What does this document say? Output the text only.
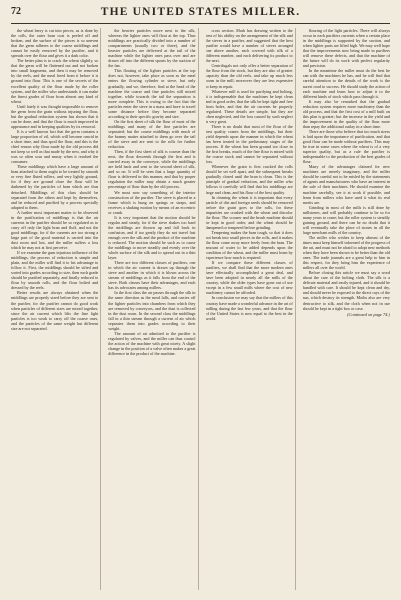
72	THE UNITED STATES MILLER.

the wheat berry is cut into pieces, as is done by the rolls, the outer bran coat is peeled off and broken, and the surface of the pieces is so uneven that the germ adheres to the coarse middlings and cannot be easily removed by the purifier, and it spreads over the flour and gives it a dark color.

The better plan is to crack the wheat slightly, so that the germ will be flattened out and not broken into small fragments, and then it may be removed by the reels, and the meal freed from it before it is ground into flour. This is one of the secrets of the excellent quality of the flour made by the roller system, and the miller who understands it can make the finest grades of flour from almost any kind of wheat.

Until lately it was thought impossible to remove the germ from the grain without injuring the flour, but the gradual reduction system has shown that it can be done, and that the flour is much improved in appearance and in keeping qualities by its removal.

It is a well known fact that the germ contains a large proportion of oil, which will become rancid in a short time, and thus spoil the flour, and this is the chief reason why flour made by the old process did not keep so well as that made by the new, and why it was so often sour and musty when it reached the consumer.

These middlings which have a large amount of bran attached to them ought to be treated by smooth or very fine fluted rollers, and very lightly ground, for if they are ground close the flour will be darkened by the particles of bran which are thus detached. Middlings of this class should be separated from the others and kept by themselves, and be reduced and purified by a process specially adapted to them.

A further most important matter to be observed in the purification of middlings is that the air currents in the purifier should be so regulated as to carry off only the light bran and fluff, and not the good middlings; for if the currents are too strong a large part of the good material is carried into the dust room and lost, and the miller suffers a loss which he may not at first perceive.

If we examine the gum injurious influence of the middlings, the process of reduction is simple and plain, and the miller will find it to his advantage to follow it. First, the middlings should be sifted and sorted into grades according to size, then each grade should be purified separately, and finally reduced to flour by smooth rolls, and the flour bolted and dressed by the reels.

Better results are always obtained when the middlings are properly sized before they are sent to the purifier, for the purifier cannot do good work when particles of different sizes are mixed together, since the air current which lifts the fine light particles is too weak to carry off the coarse ones, and the particles of the same weight but different size are not separated.

the heavier particles move next to the silk, whereas the lighter ones will float at the top. Thus middlings are practically divided into a number of compartments (usually two or three), and the heavier particles are delivered at the tail of the machine while the lighter ones pass over and are drawn off into the different spouts by the suction of the fan.

This floating of the lighter particles at the top does not, however, take place as soon as the meal enters the flowing cylinder or sieve, but only gradually, and we, therefore, find at the head of the machine the coarse and fine particles still mixed together, while towards the tail the separation is more complete. This is owing to the fact that the particles enter the sieve in a mass and have to travel some distance before they become separated according to their specific gravity and size.

On the first sheet of silk the flour of most of the middlings and many of the fine particles are separated; but the coarse middlings with much of the branny matter attached to them go over the tail of the sieve and are sent to the rolls for further reduction.

Then, if the first sheet of silk is coarser than the next, the flour descends through the first and is carried away in the conveyor, while the middlings are held back and sent to the second sheet of silk, and so on. It will be seen that a large quantity of flour is delivered in this manner, and that by proper regulation the miller may obtain a much greater percentage of flour than by the old process.

We must now say something of the interior construction of the purifier. The sieve is placed in a frame which is hung on springs or straps, and receives a shaking motion by means of an eccentric or crank.

It is very important that the motion should be regular and steady, for if the sieve shakes too hard the middlings are thrown up and fall back in confusion, and if too gently they do not travel fast enough over the silk and the product of the machine is reduced. The motion should be such as to cause the middlings to move steadily and evenly over the whole surface of the silk and to spread out in a thin layer.

There are two different classes of purifiers, one in which the air current is drawn up through the sieve and another in which it is blown across the stream of middlings as it falls from the end of the sieve. Both classes have their advantages, and each has its advocates among millers.

In the first class the air passes through the silk in the same direction as the meal falls, and carries off the lighter particles into chambers from which they are removed by conveyors, and the dust is collected in the dust room. In the second class the middlings fall in a thin stream through a current of air which separates them into grades according to their weight.

The amount of air admitted to the purifier is regulated by valves, and the miller can thus control the action of the machine with great nicety. A slight change in the position of a valve often makes a great difference in the product of the machine.

cross section. Mark has drawing written to the best of his ability on the arrangement of the silk and the sieves in a purifier, and suggested that the best purifier would have a number of sieves arranged one above another, each covered with silk of a different number, and each delivering its product to the next.

Centrifugals not only offer a better separation of the flour from the stock, but they are also of greater capacity than the old reels, and take up much less room in the mill; moreover they are less expensive to keep in repair.

Whatever mill is used for purifying and bolting, it is indispensable that the machines be kept clean and in good order, that the silk be kept tight and free from holes, and that the air currents be properly regulated. These details are simple, but they are often neglected, and the loss caused by such neglect is very great.

There is no doubt that most of the flour of the best quality comes from the middlings, but their yield depends upon the manner in which the wheat has been treated in the preliminary stages of the process. If the wheat has been ground too close in the first breaks, much of the fine flour is mixed with the coarse stock and cannot be separated without loss.

Whenever the grain is first cracked the rolls should be set well apart, and the subsequent breaks gradually closed until the bran is clean. This is the principle of gradual reduction, and the miller who follows it carefully will find that his middlings are large and clean, and his flour of the best quality.

In cleaning the wheat it is important that every particle of dirt and foreign seeds should be removed before the grain goes to the rolls, for these impurities are crushed with the wheat and discolor the flour. The scourer and the brush machine should be kept in good order, and the wheat should be dampened or tempered before grinding.

Tempering makes the bran tough, so that it does not break into small pieces in the rolls, and it makes the flour come away more freely from the bran. The amount of water to be added depends upon the condition of the wheat, and the miller must learn by experience how much is required.

If we compare these different classes of purifiers, we shall find that the more modern ones have effectually accomplished a great deal, and have been adopted in nearly all the mills of the country, while the older types have gone out of use except in a few small mills where the cost of new machinery cannot be afforded.

In conclusion we may say that the millers of this country have made a wonderful advance in the art of milling during the last few years, and that the flour of the United States is now equal to the best in the world.

flouring of the light particles. There will always occur in each purifiers currents when a certain place in the middlings is supported by the suction, and when lighter parts are lifted high. We may well hope that the improvements now being made in purifiers will remove these defects, and that the machine of the future will do its work with perfect regularity and precision.

In the meantime the miller must do the best he can with the machines he has, and he will find that careful attention to the details of the work is the surest road to success. He should study the action of each machine and learn how to adjust it to the different kinds of stock which pass through it.

It may also be remarked that the gradual reduction system requires more machinery than the old process, and that the first cost of a mill built on this plan is greater; but the increase in the yield and the improvement in the quality of the flour more than repay the additional outlay in a short time.

There are those who believe that too much stress is laid upon the importance of purification, and that good flour can be made without purifiers. This may be true in some cases where the wheat is of a very superior quality, but as a rule the purifier is indispensable to the production of the best grades of flour.

Many of the advantages claimed for new machines are merely imaginary, and the miller should be careful not to be misled by the statements of agents and manufacturers who have an interest in the sale of their machines. He should examine the machine carefully, see it at work if possible, and learn from millers who have used it what its real merits are.

Grinding in most of the mills is still done by millstones, and will probably continue to be so for many years to come; but the roller system is steadily gaining ground, and there can be no doubt that it will eventually take the place of stones in all the large merchant mills of the country.

The miller who wishes to keep abreast of the times must keep himself informed of the progress of the art, and must not be afraid to adopt new methods when they have been shown to be better than the old ones. The trade journals are a great help to him in this respect, for they bring him the experience of millers all over the world.

Before closing this article we must say a word about the care of the bolting cloth. The silk is a delicate material and easily injured, and it should be handled with care. It should be kept clean and dry, and should never be exposed to the direct rays of the sun, which destroy its strength. Moths also are very destructive to silk, and the cloth when not in use should be kept in a tight box or case.

(Continued on page 74.)
